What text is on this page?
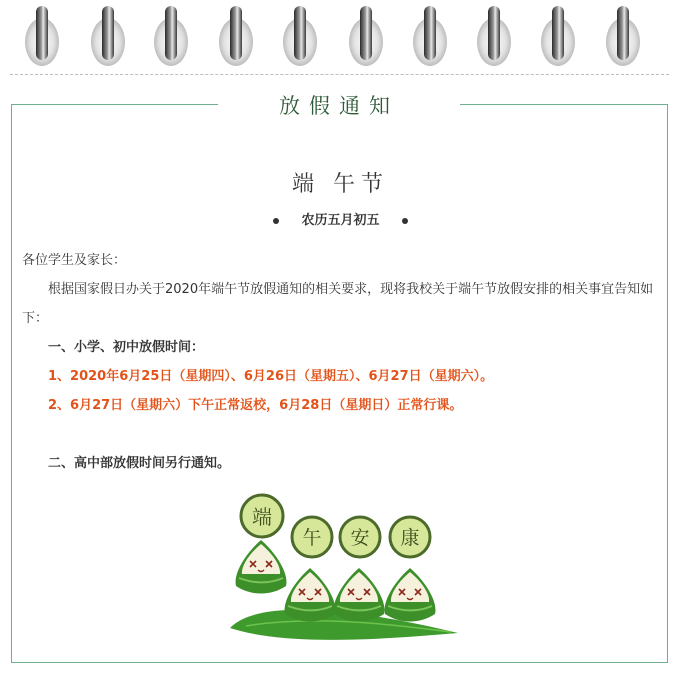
放假通知
端 午节
农历五月初五

各位学生及家长：

根据国家假日办关于2020年端午节放假通知的相关要求，现将我校关于端午节放假安排的相关事宜告知如下：

一、小学、初中放假时间：

1、2020年6月25日（星期四）、6月26日（星期五）、6月27日（星期六）。

2、6月27日（星期六）下午正常返校，6月28日（星期日）正常行课。

二、高中部放假时间另行通知。

端
午 安 康
